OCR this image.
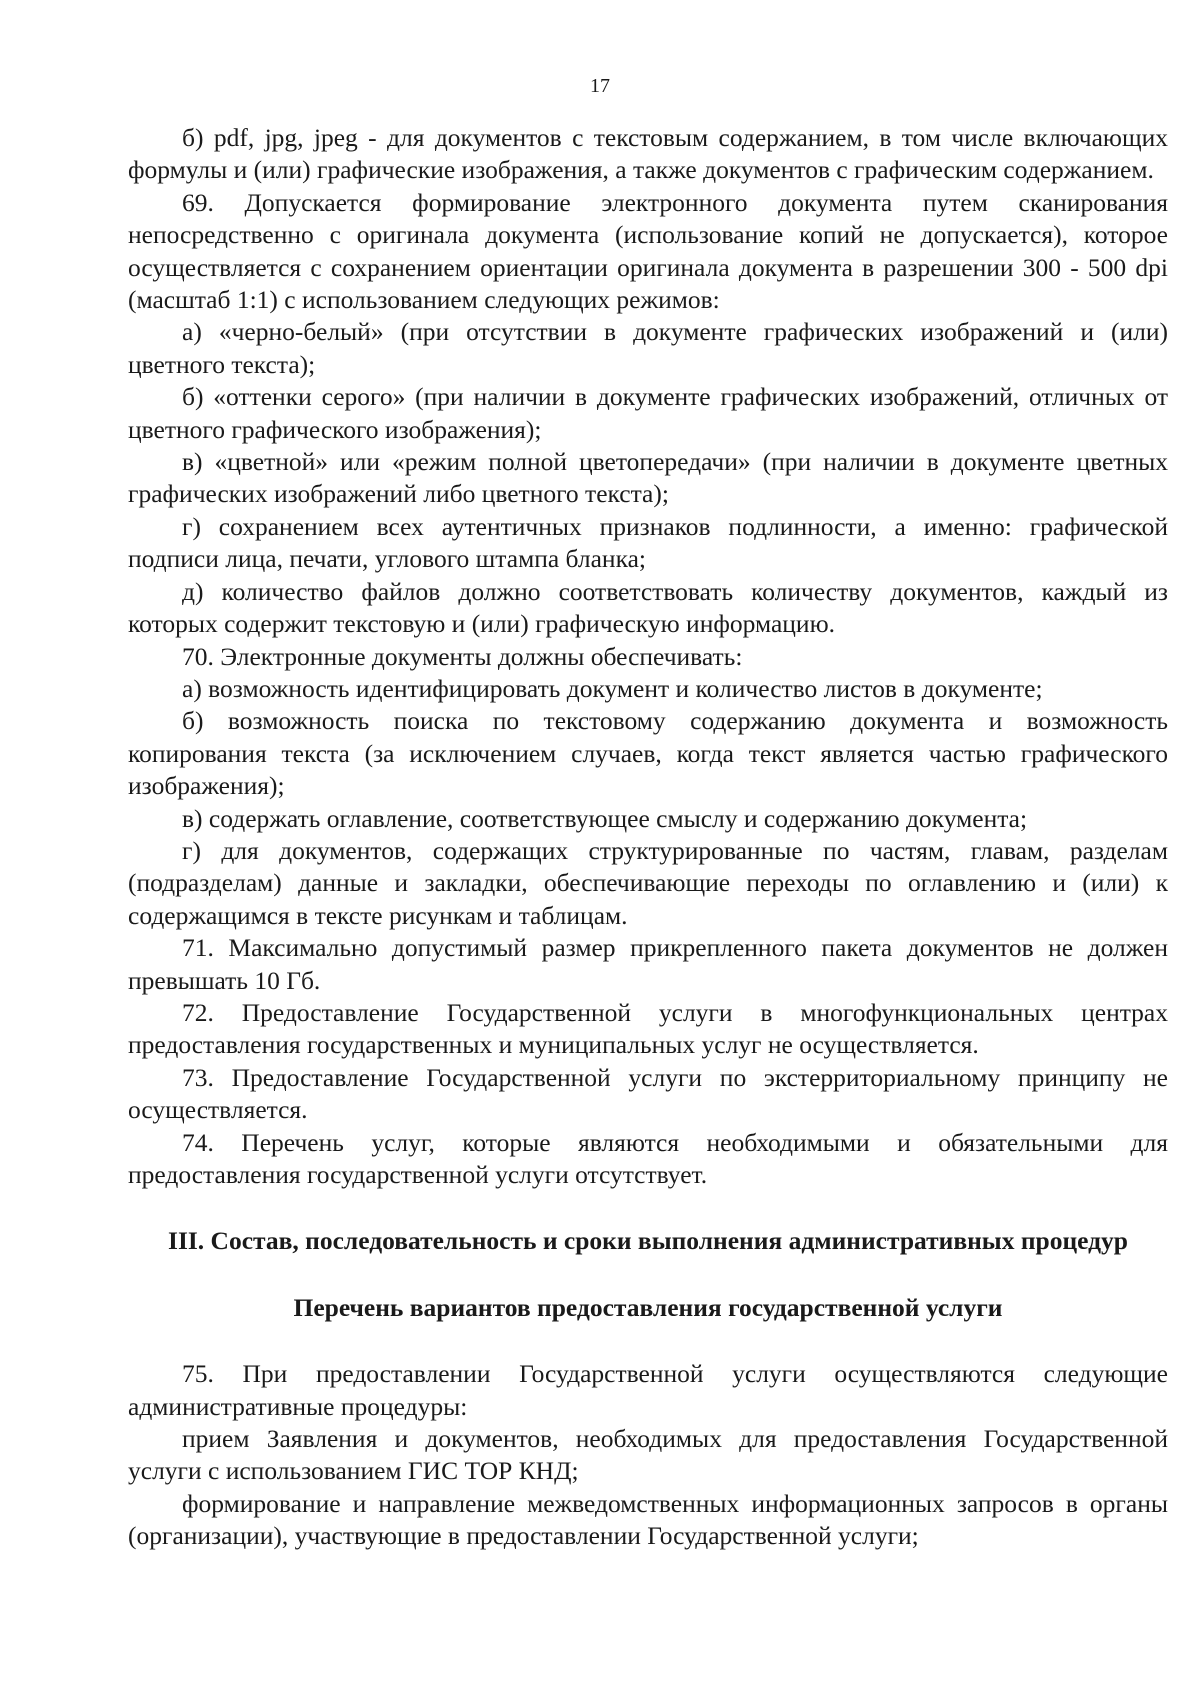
17

б) pdf, jpg, jpeg - для документов с текстовым содержанием, в том числе включающих формулы и (или) графические изображения, а также документов с графическим содержанием.

69. Допускается формирование электронного документа путем сканирования непосредственно с оригинала документа (использование копий не допускается), которое осуществляется с сохранением ориентации оригинала документа в разрешении 300 - 500 dpi (масштаб 1:1) с использованием следующих режимов:

а) «черно-белый» (при отсутствии в документе графических изображений и (или) цветного текста);

б) «оттенки серого» (при наличии в документе графических изображений, отличных от цветного графического изображения);

в) «цветной» или «режим полной цветопередачи» (при наличии в документе цветных графических изображений либо цветного текста);

г) сохранением всех аутентичных признаков подлинности, а именно: графической подписи лица, печати, углового штампа бланка;

д) количество файлов должно соответствовать количеству документов, каждый из которых содержит текстовую и (или) графическую информацию.

70. Электронные документы должны обеспечивать:

а) возможность идентифицировать документ и количество листов в документе;

б) возможность поиска по текстовому содержанию документа и возможность копирования текста (за исключением случаев, когда текст является частью графического изображения);

в) содержать оглавление, соответствующее смыслу и содержанию документа;

г) для документов, содержащих структурированные по частям, главам, разделам (подразделам) данные и закладки, обеспечивающие переходы по оглавлению и (или) к содержащимся в тексте рисункам и таблицам.

71. Максимально допустимый размер прикрепленного пакета документов не должен превышать 10 Гб.

72. Предоставление Государственной услуги в многофункциональных центрах предоставления государственных и муниципальных услуг не осуществляется.

73. Предоставление Государственной услуги по экстерриториальному принципу не осуществляется.

74. Перечень услуг, которые являются необходимыми и обязательными для предоставления государственной услуги отсутствует.

III. Состав, последовательность и сроки выполнения административных процедур
Перечень вариантов предоставления государственной услуги

75. При предоставлении Государственной услуги осуществляются следующие административные процедуры:

прием Заявления и документов, необходимых для предоставления Государственной услуги с использованием ГИС ТОР КНД;

формирование и направление межведомственных информационных запросов в органы (организации), участвующие в предоставлении Государственной услуги;
